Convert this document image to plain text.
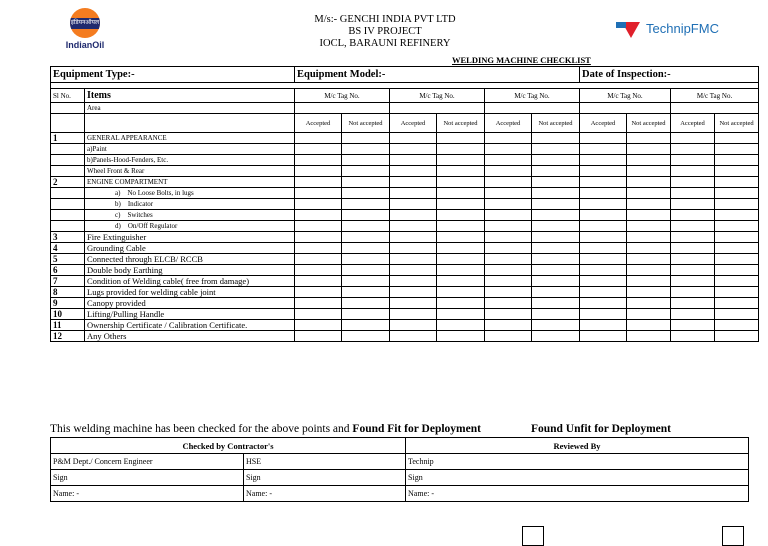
इंडियनऑयल
IndianOil
M/s:- GENCHI INDIA PVT LTD
BS IV PROJECT
IOCL, BARAUNI REFINERY
TechnipFMC
WELDING MACHINE CHECKLIST
Equipment Type:-		Equipment Model:-						Date of Inspection:-			

Sl No.	Items	M/c Tag No.		M/c Tag No.		M/c Tag No.		M/c Tag No.		M/c Tag No.	
	Area										
		Accepted	Not accepted	Accepted	Not accepted	Accepted	Not accepted	Accepted	Not accepted	Accepted	Not accepted
1	GENERAL APPEARANCE										
	a)Paint										
	b)Panels-Hood-Fenders, Etc.										
	Wheel Front & Rear										
2	ENGINE COMPARTMENT										
	a)    No Loose Bolts, in lugs										
	b)    Indicator										
	c)    Switches										
	d)    On/Off Regulator										
3	Fire Extinguisher										
4	Grounding Cable										
5	Connected through ELCB/ RCCB										
6	Double body Earthing										
7	Condition of Welding cable( free from damage)										
8	Lugs provided for welding cable joint										
9	Canopy provided										
10	Lifting/Pulling Handle										
11	Ownership Certificate / Calibration Certificate.										
12	Any Others										
This welding machine has been checked for the above points and Found Fit for Deployment	Found Unfit for Deployment
Checked by Contractor's		Reviewed By
P&M Dept./ Concern Engineer	HSE	Technip
Sign	Sign	Sign
Name: -	Name: -	Name: -
